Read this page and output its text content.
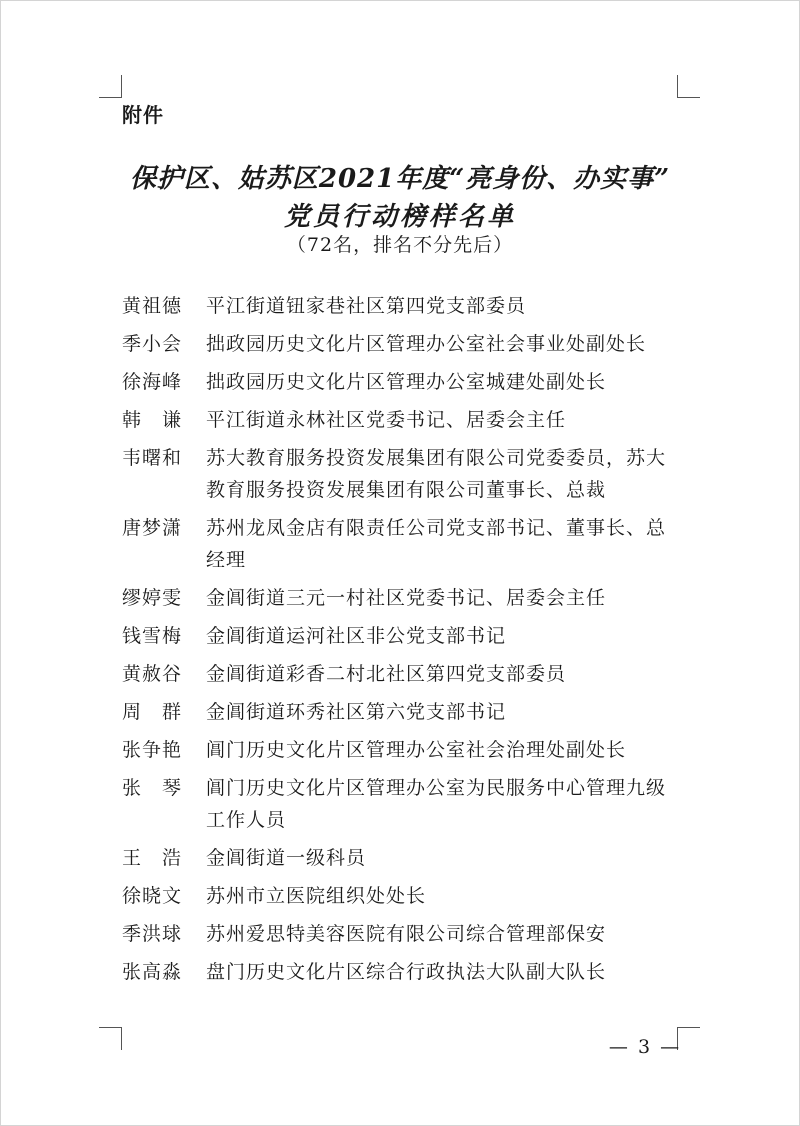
附件
保护区、姑苏区2021年度“亮身份、办实事”
党员行动榜样名单
（72名，排名不分先后）
黄祖德	平江街道钮家巷社区第四党支部委员
季小会	拙政园历史文化片区管理办公室社会事业处副处长
徐海峰	拙政园历史文化片区管理办公室城建处副处长
韩　谦	平江街道永林社区党委书记、居委会主任
韦曙和	苏大教育服务投资发展集团有限公司党委委员，苏大教育服务投资发展集团有限公司董事长、总裁
唐梦潇	苏州龙凤金店有限责任公司党支部书记、董事长、总经理
缪婷雯	金阊街道三元一村社区党委书记、居委会主任
钱雪梅	金阊街道运河社区非公党支部书记
黄赦谷	金阊街道彩香二村北社区第四党支部委员
周　群	金阊街道环秀社区第六党支部书记
张争艳	阊门历史文化片区管理办公室社会治理处副处长
张　琴	阊门历史文化片区管理办公室为民服务中心管理九级工作人员
王　浩	金阊街道一级科员
徐晓文	苏州市立医院组织处处长
季洪球	苏州爱思特美容医院有限公司综合管理部保安
张高淼	盘门历史文化片区综合行政执法大队副大队长
— 3 —
